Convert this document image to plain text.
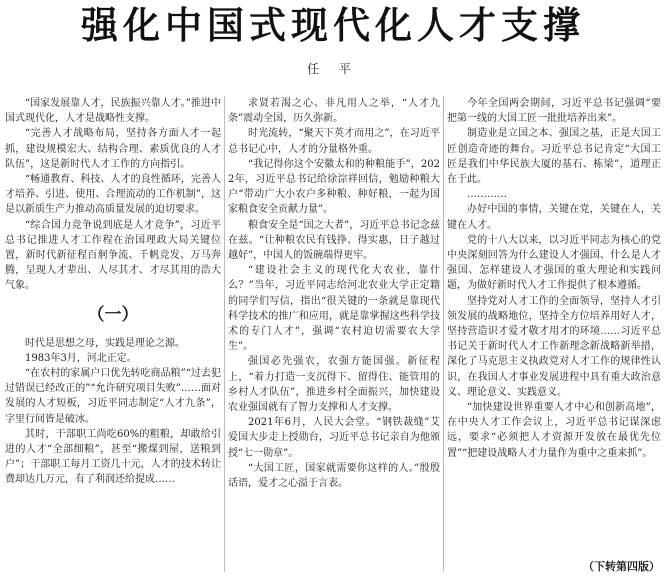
强化中国式现代化人才支撑
任 平

“国家发展靠人才，民族振兴靠人才。”推进中国式现代化，人才是战略性支撑。

“完善人才战略布局，坚持各方面人才一起抓，建设规模宏大、结构合理、素质优良的人才队伍”，这是新时代人才工作的方向指引。

“畅通教育、科技、人才的良性循环，完善人才培养、引进、使用、合理流动的工作机制”，这是以新质生产力推动高质量发展的迫切要求。

“综合国力竞争说到底是人才竞争”，习近平总书记推进人才工作程在治国理政大局关键位置，新时代新征程百舸争流、千帆竞发、万马奔腾，呈现人才辈出、人尽其才、才尽其用的浩大气象。

（一）

时代是思想之母，实践是理论之源。

1983年3月，河北正定。

“在农村的家属户口优先转吃商品粮”“过去犯过错误已经改正的”“允许研究项目失败”……面对发展的人才短板，习近平同志制定“人才九条”，字里行间皆是破冰。

其时，干部职工尚吃60%的粗粮，却敢给引进的人才“全部细粮”，甚至“搬煤到屋，送粮到户”；干部职工每月工资几十元，人才的技术转让费却达几万元，有了利润还给提成……

求贤若渴之心、非凡用人之举，“人才九条”震动全国，历久弥新。

时光流转，“聚天下英才而用之”，在习近平总书记心中，人才的分量格外重。

“我记得你这个安徽太和的种粮能手”，2022年，习近平总书记给徐淙祥回信，勉励种粮大户“带动广大小农户多种粮、种好粮，一起为国家粮食安全贡献力量”。

粮食安全是“国之大者”，习近平总书记念兹在兹。“让种粮农民有钱挣、得实惠，日子越过越好”，中国人的饭碗端得更牢。

“建设社会主义的现代化大农业，靠什么？”当年，习近平同志给河北农业大学正定籍的同学们写信，指出“很关键的一条就是靠现代科学技术的推广和应用，就是靠掌握这些科学技术的专门人才”，强调“农村迫切需要农大学生”。

强国必先强农，农强方能国强。新征程上，“着力打造一支沉得下、留得住、能管用的乡村人才队伍”，推进乡村全面振兴，加快建设农业强国就有了智力支撑和人才支撑。

2021年6月，人民大会堂。“钢铁裁缝”艾爱国大步走上授勋台，习近平总书记亲自为他颁授“七一勋章”。

“大国工匠，国家就需要你这样的人。”殷殷话语，爱才之心溢于言表。

今年全国两会期间，习近平总书记强调“要把第一线的大国工匠一批批培养出来”。

制造业是立国之本、强国之基，正是大国工匠创造奇迹的舞台。习近平总书记肯定“大国工匠是我们中华民族大厦的基石、栋梁”，道理正在于此。

…………

办好中国的事情，关键在党，关键在人，关键在人才。

党的十八大以来，以习近平同志为核心的党中央深刻回答为什么建设人才强国、什么是人才强国、怎样建设人才强国的重大理论和实践问题，为做好新时代人才工作提供了根本遵循。

坚持党对人才工作的全面领导，坚持人才引领发展的战略地位，坚持全方位培养用好人才，坚持营造识才爱才敬才用才的环境……习近平总书记关于新时代人才工作新理念新战略新举措，深化了马克思主义执政党对人才工作的规律性认识，在我国人才事业发展进程中具有重大政治意义、理论意义、实践意义。

“加快建设世界重要人才中心和创新高地”，在中央人才工作会议上，习近平总书记谋深虑远，要求“必须把人才资源开发放在最优先位置”“把建设战略人才力量作为重中之重来抓”。

（下转第四版）
